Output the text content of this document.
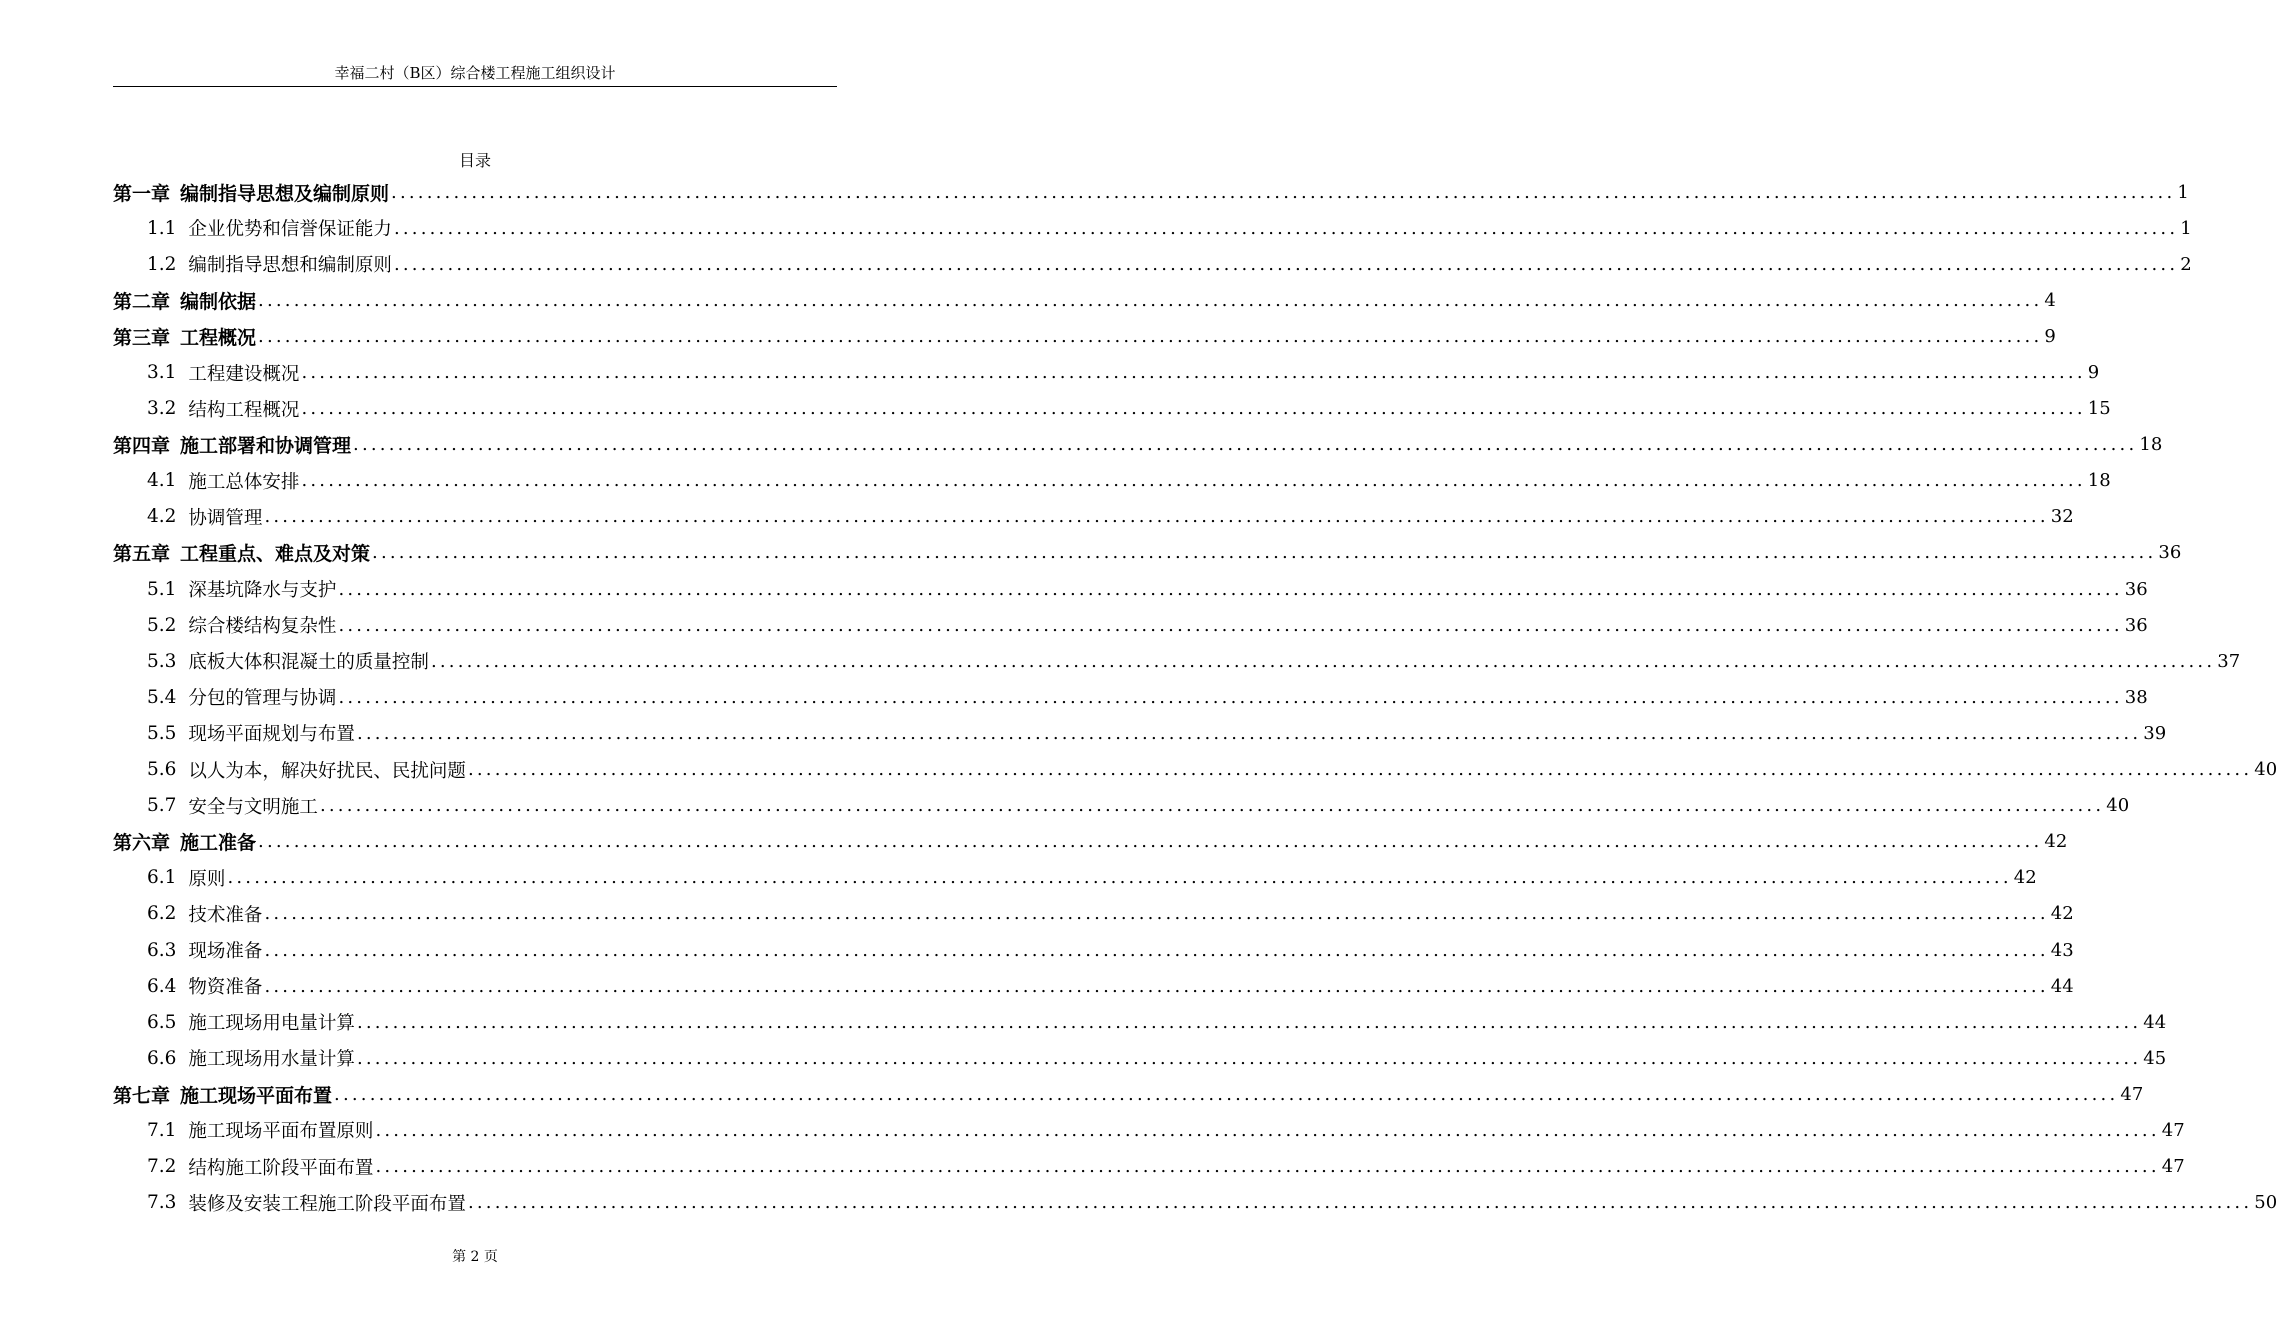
幸福二村（B区）综合楼工程施工组织设计
目录
第一章 编制指导思想及编制原则 ........................................................................................................................................................................................................ 1
1.1 企业优势和信誉保证能力 ........................................................................................................................................................................................................ 1
1.2 编制指导思想和编制原则 ........................................................................................................................................................................................................ 2
第二章 编制依据 ........................................................................................................................................................................................................ 4
第三章 工程概况 ........................................................................................................................................................................................................ 9
3.1 工程建设概况 ........................................................................................................................................................................................................ 9
3.2 结构工程概况 ........................................................................................................................................................................................................ 15
第四章 施工部署和协调管理 ........................................................................................................................................................................................................ 18
4.1 施工总体安排 ........................................................................................................................................................................................................ 18
4.2 协调管理 ........................................................................................................................................................................................................ 32
第五章 工程重点、难点及对策 ........................................................................................................................................................................................................ 36
5.1 深基坑降水与支护 ........................................................................................................................................................................................................ 36
5.2 综合楼结构复杂性 ........................................................................................................................................................................................................ 36
5.3 底板大体积混凝土的质量控制 ........................................................................................................................................................................................................ 37
5.4 分包的管理与协调 ........................................................................................................................................................................................................ 38
5.5 现场平面规划与布置 ........................................................................................................................................................................................................ 39
5.6 以人为本，解决好扰民、民扰问题 ........................................................................................................................................................................................................ 40
5.7 安全与文明施工 ........................................................................................................................................................................................................ 40
第六章 施工准备 ........................................................................................................................................................................................................ 42
6.1 原则 ........................................................................................................................................................................................................ 42
6.2 技术准备 ........................................................................................................................................................................................................ 42
6.3 现场准备 ........................................................................................................................................................................................................ 43
6.4 物资准备 ........................................................................................................................................................................................................ 44
6.5 施工现场用电量计算 ........................................................................................................................................................................................................ 44
6.6 施工现场用水量计算 ........................................................................................................................................................................................................ 45
第七章 施工现场平面布置 ........................................................................................................................................................................................................ 47
7.1 施工现场平面布置原则 ........................................................................................................................................................................................................ 47
7.2 结构施工阶段平面布置 ........................................................................................................................................................................................................ 47
7.3 装修及安装工程施工阶段平面布置 ........................................................................................................................................................................................................ 50
第 2 页
